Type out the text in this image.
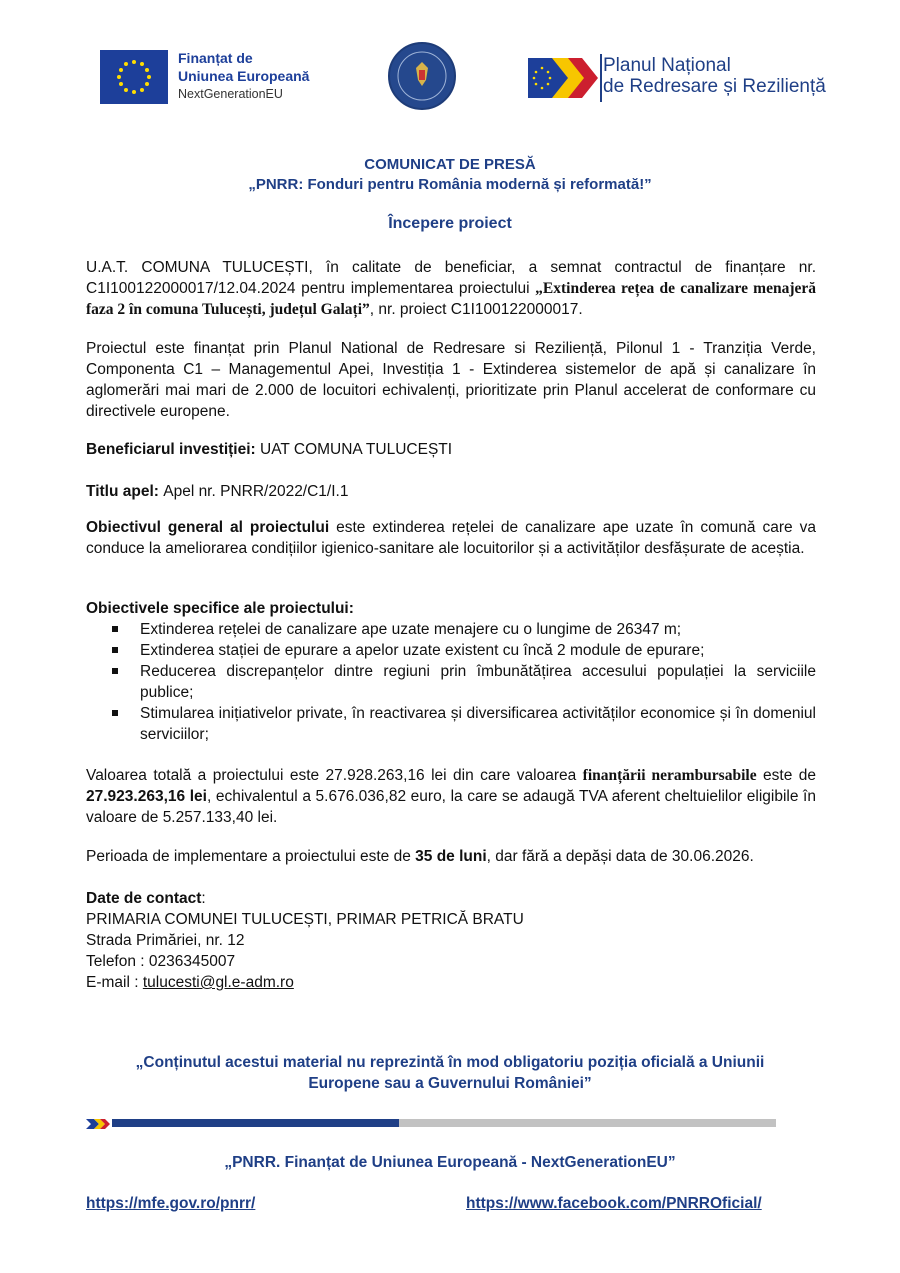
Finanțat de
Uniunea Europeană
NextGenerationEU
Planul Național
de Redresare și Reziliență
COMUNICAT DE PRESĂ
„PNRR: Fonduri pentru România modernă și reformată!”
Începere proiect
U.A.T. COMUNA TULUCEȘTI, în calitate de beneficiar, a semnat contractul de finanțare nr. C1I100122000017/12.04.2024 pentru implementarea proiectului „Extinderea rețea de canalizare menajeră faza 2 în comuna Tulucești, județul Galați”, nr. proiect C1I100122000017.
Proiectul este finanțat prin Planul National de Redresare si Reziliență, Pilonul 1 - Tranziția Verde, Componenta C1 – Managementul Apei, Investiția 1 - Extinderea sistemelor de apă și canalizare în aglomerări mai mari de 2.000 de locuitori echivalenți, prioritizate prin Planul accelerat de conformare cu directivele europene.
Beneficiarul investiției: UAT COMUNA TULUCEȘTI
Titlu apel: Apel nr. PNRR/2022/C1/I.1
Obiectivul general al proiectului este extinderea rețelei de canalizare ape uzate în comună care va conduce la ameliorarea condițiilor igienico-sanitare ale locuitorilor și a activităților desfășurate de aceștia.
Obiectivele specifice ale proiectului:
Extinderea rețelei de canalizare ape uzate menajere cu o lungime de 26347 m;
Extinderea stației de epurare a apelor uzate existent cu încă 2 module de epurare;
Reducerea discrepanțelor dintre regiuni prin îmbunătățirea accesului populației la serviciile publice;
Stimularea inițiativelor private, în reactivarea și diversificarea activităților economice și în domeniul serviciilor;
Valoarea totală a proiectului este 27.928.263,16 lei din care valoarea finanțării nerambursabile este de 27.923.263,16 lei, echivalentul a 5.676.036,82 euro, la care se adaugă TVA aferent cheltuielilor eligibile în valoare de 5.257.133,40 lei.
Perioada de implementare a proiectului este de 35 de luni, dar fără a depăși data de 30.06.2026.
Date de contact:
PRIMARIA COMUNEI TULUCEȘTI, PRIMAR PETRICĂ BRATU
Strada Primăriei, nr. 12
Telefon : 0236345007
E-mail : tulucesti@gl.e-adm.ro
„Conținutul acestui material nu reprezintă în mod obligatoriu poziția oficială a Uniunii
Europene sau a Guvernului României”
„PNRR. Finanțat de Uniunea Europeană - NextGenerationEU”
https://mfe.gov.ro/pnrr/	https://www.facebook.com/PNRROficial/
